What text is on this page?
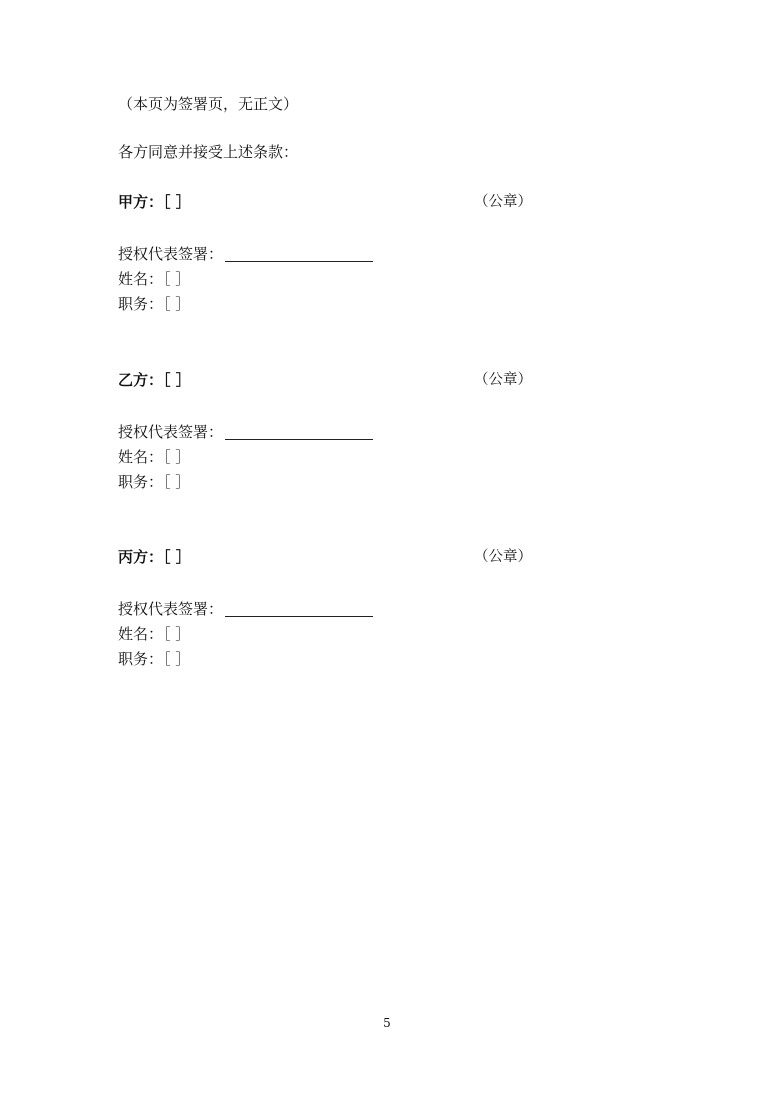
（本页为签署页，无正文）
各方同意并接受上述条款：
甲方：［ ］	（公章）
授权代表签署：
姓名：［ ］
职务：［ ］
乙方：［ ］	（公章）
授权代表签署：
姓名：［ ］
职务：［ ］
丙方：［ ］	（公章）
授权代表签署：
姓名：［ ］
职务：［ ］
5
